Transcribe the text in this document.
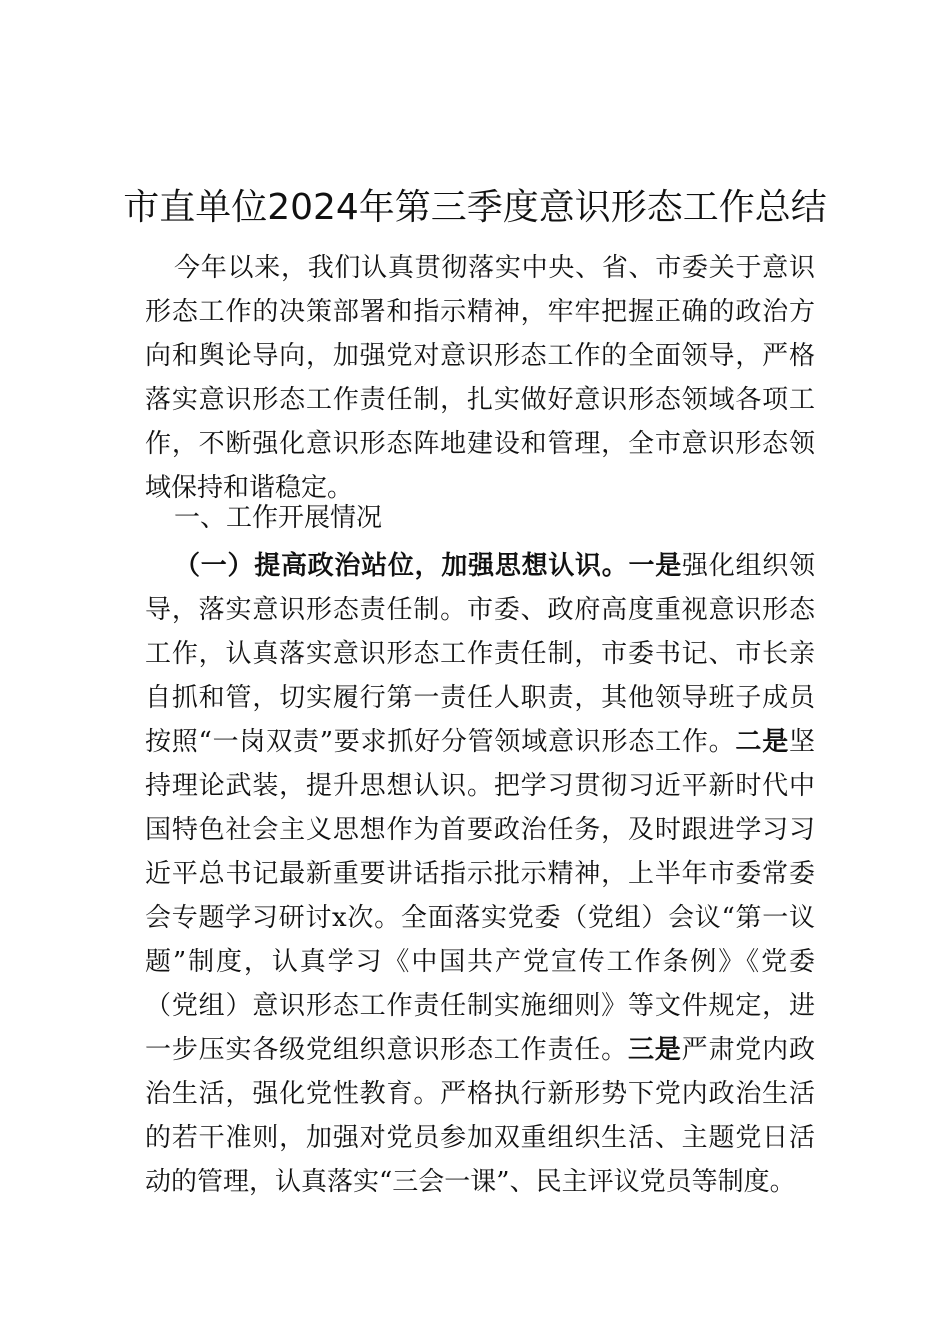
市直单位2024年第三季度意识形态工作总结

今年以来，我们认真贯彻落实中央、省、市委关于意识形态工作的决策部署和指示精神，牢牢把握正确的政治方向和舆论导向，加强党对意识形态工作的全面领导，严格落实意识形态工作责任制，扎实做好意识形态领域各项工作，不断强化意识形态阵地建设和管理，全市意识形态领域保持和谐稳定。

一、工作开展情况

（一）提高政治站位，加强思想认识。一是强化组织领导，落实意识形态责任制。市委、政府高度重视意识形态工作，认真落实意识形态工作责任制，市委书记、市长亲自抓和管，切实履行第一责任人职责，其他领导班子成员按照“一岗双责”要求抓好分管领域意识形态工作。二是坚持理论武装，提升思想认识。把学习贯彻习近平新时代中国特色社会主义思想作为首要政治任务，及时跟进学习习近平总书记最新重要讲话指示批示精神，上半年市委常委会专题学习研讨x次。全面落实党委（党组）会议“第一议题”制度，认真学习《中国共产党宣传工作条例》《党委（党组）意识形态工作责任制实施细则》等文件规定，进一步压实各级党组织意识形态工作责任。三是严肃党内政治生活，强化党性教育。严格执行新形势下党内政治生活的若干准则，加强对党员参加双重组织生活、主题党日活动的管理，认真落实“三会一课”、民主评议党员等制度。
